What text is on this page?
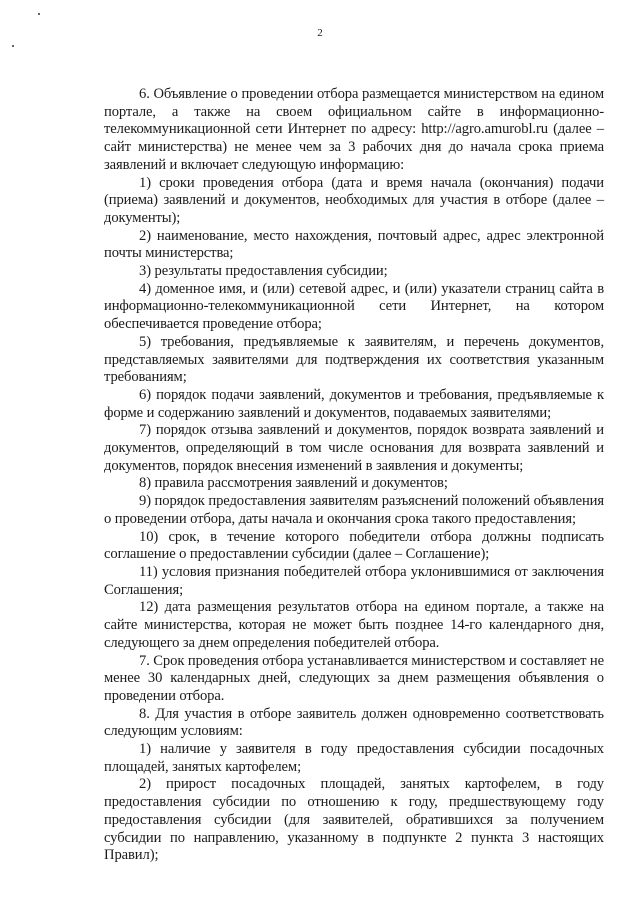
2

6. Объявление о проведении отбора размещается министерством на едином портале, а также на своем официальном сайте в информационно-телекоммуникационной сети Интернет по адресу: http://agro.amurobl.ru (далее – сайт министерства) не менее чем за 3 рабочих дня до начала срока приема заявлений и включает следующую информацию:

1) сроки проведения отбора (дата и время начала (окончания) подачи (приема) заявлений и документов, необходимых для участия в отборе (далее – документы);

2) наименование, место нахождения, почтовый адрес, адрес электронной почты министерства;

3) результаты предоставления субсидии;

4) доменное имя, и (или) сетевой адрес, и (или) указатели страниц сайта в информационно-телекоммуникационной сети Интернет, на котором обеспечивается проведение отбора;

5) требования, предъявляемые к заявителям, и перечень документов, представляемых заявителями для подтверждения их соответствия указанным требованиям;

6) порядок подачи заявлений, документов и требования, предъявляемые к форме и содержанию заявлений и документов, подаваемых заявителями;

7) порядок отзыва заявлений и документов, порядок возврата заявлений и документов, определяющий в том числе основания для возврата заявлений и документов, порядок внесения изменений в заявления и документы;

8) правила рассмотрения заявлений и документов;

9) порядок предоставления заявителям разъяснений положений объявления о проведении отбора, даты начала и окончания срока такого предоставления;

10) срок, в течение которого победители отбора должны подписать соглашение о предоставлении субсидии (далее – Соглашение);

11) условия признания победителей отбора уклонившимися от заключения Соглашения;

12) дата размещения результатов отбора на едином портале, а также на сайте министерства, которая не может быть позднее 14-го календарного дня, следующего за днем определения победителей отбора.

7. Срок проведения отбора устанавливается министерством и составляет не менее 30 календарных дней, следующих за днем размещения объявления о проведении отбора.

8. Для участия в отборе заявитель должен одновременно соответствовать следующим условиям:

1) наличие у заявителя в году предоставления субсидии посадочных площадей, занятых картофелем;

2) прирост посадочных площадей, занятых картофелем, в году предоставления субсидии по отношению к году, предшествующему году предоставления субсидии (для заявителей, обратившихся за получением субсидии по направлению, указанному в подпункте 2 пункта 3 настоящих Правил);
